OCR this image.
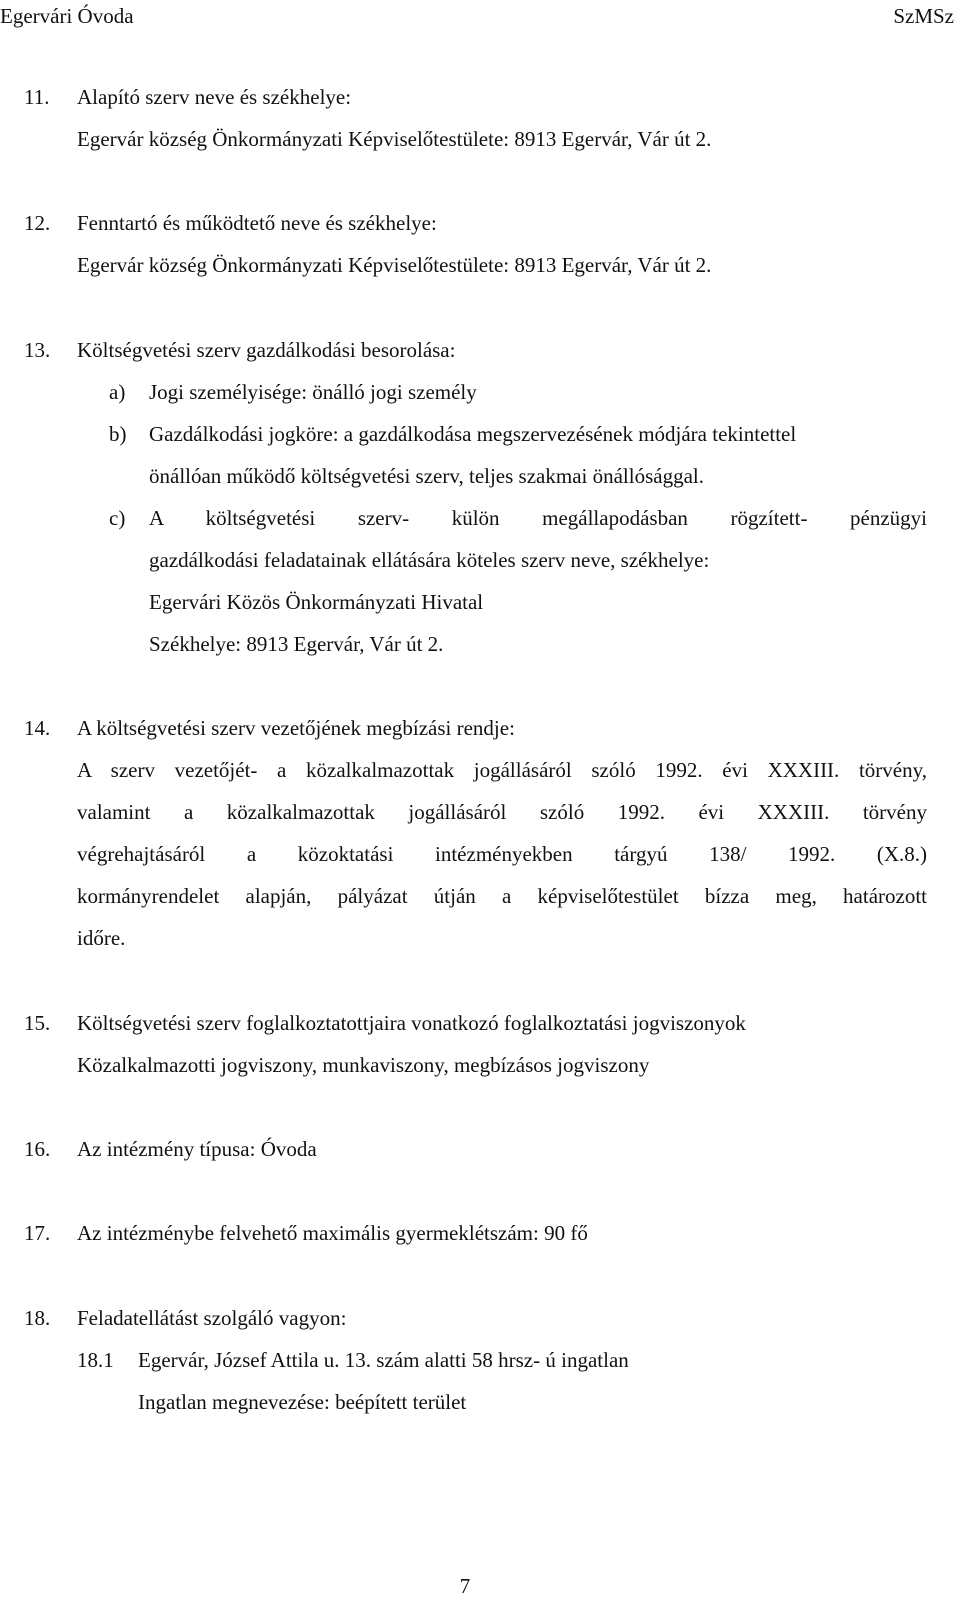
Egervári Óvoda	SzMSz
11. Alapító szerv neve és székhelye:
Egervár község Önkormányzati Képviselőtestülete: 8913 Egervár, Vár út 2.
12. Fenntartó és működtető neve és székhelye:
Egervár község Önkormányzati Képviselőtestülete: 8913 Egervár, Vár út 2.
13. Költségvetési szerv gazdálkodási besorolása:
a) Jogi személyisége: önálló jogi személy
b) Gazdálkodási jogköre: a gazdálkodása megszervezésének módjára tekintettel
önállóan működő költségvetési szerv, teljes szakmai önállósággal.
c) A költségvetési szerv- külön megállapodásban rögzített- pénzügyi
gazdálkodási feladatainak ellátására köteles szerv neve, székhelye:
Egervári Közös Önkormányzati Hivatal
Székhelye: 8913 Egervár, Vár út 2.
14. A költségvetési szerv vezetőjének megbízási rendje:
A szerv vezetőjét- a közalkalmazottak jogállásáról szóló 1992. évi XXXIII. törvény,
valamint a közalkalmazottak jogállásáról szóló 1992. évi XXXIII. törvény
végrehajtásáról a közoktatási intézményekben tárgyú 138/ 1992. (X.8.)
kormányrendelet alapján, pályázat útján a képviselőtestület bízza meg, határozott
időre.
15. Költségvetési szerv foglalkoztatottjaira vonatkozó foglalkoztatási jogviszonyok
Közalkalmazotti jogviszony, munkaviszony, megbízásos jogviszony
16. Az intézmény típusa: Óvoda
17. Az intézménybe felvehető maximális gyermeklétszám: 90 fő
18. Feladatellátást szolgáló vagyon:
18.1 Egervár, József Attila u. 13. szám alatti 58 hrsz- ú ingatlan
Ingatlan megnevezése: beépített terület
7
